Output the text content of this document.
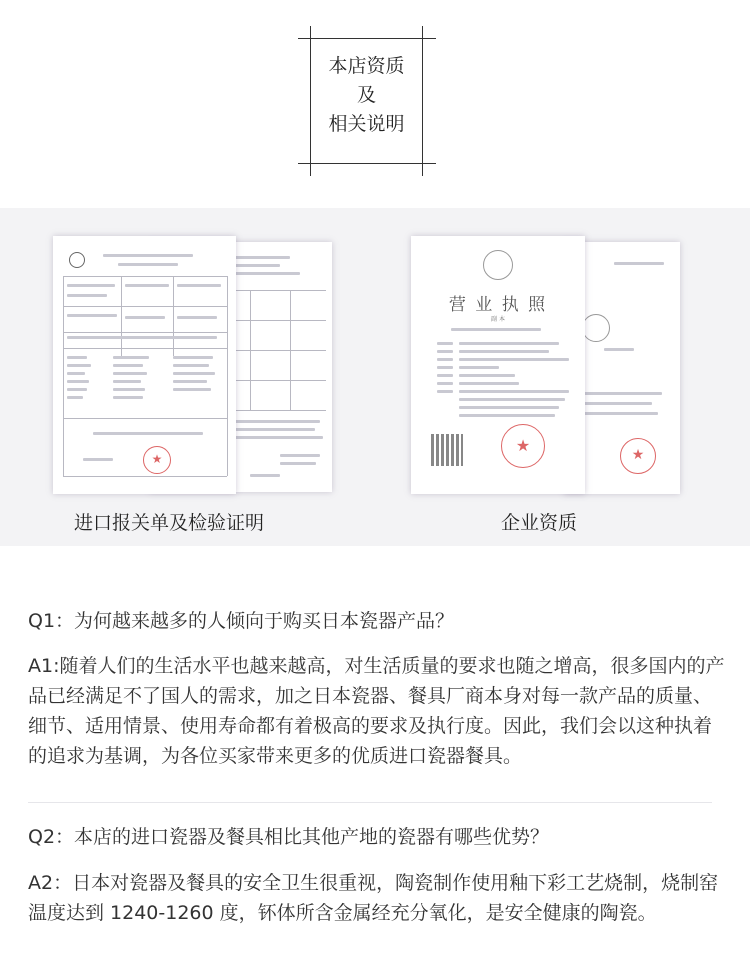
本店资质
及
相关说明
★
进口报关单及检验证明
★
营 业 执 照
副 本
★
企业资质
Q1：为何越来越多的人倾向于购买日本瓷器产品？
A1:随着人们的生活水平也越来越高，对生活质量的要求也随之增高，很多国内的产品已经满足不了国人的需求，加之日本瓷器、餐具厂商本身对每一款产品的质量、细节、适用情景、使用寿命都有着极高的要求及执行度。因此，我们会以这种执着的追求为基调，为各位买家带来更多的优质进口瓷器餐具。
Q2：本店的进口瓷器及餐具相比其他产地的瓷器有哪些优势？
A2：日本对瓷器及餐具的安全卫生很重视，陶瓷制作使用釉下彩工艺烧制，烧制窑温度达到 1240-1260 度，钚体所含金属经充分氧化，是安全健康的陶瓷。
